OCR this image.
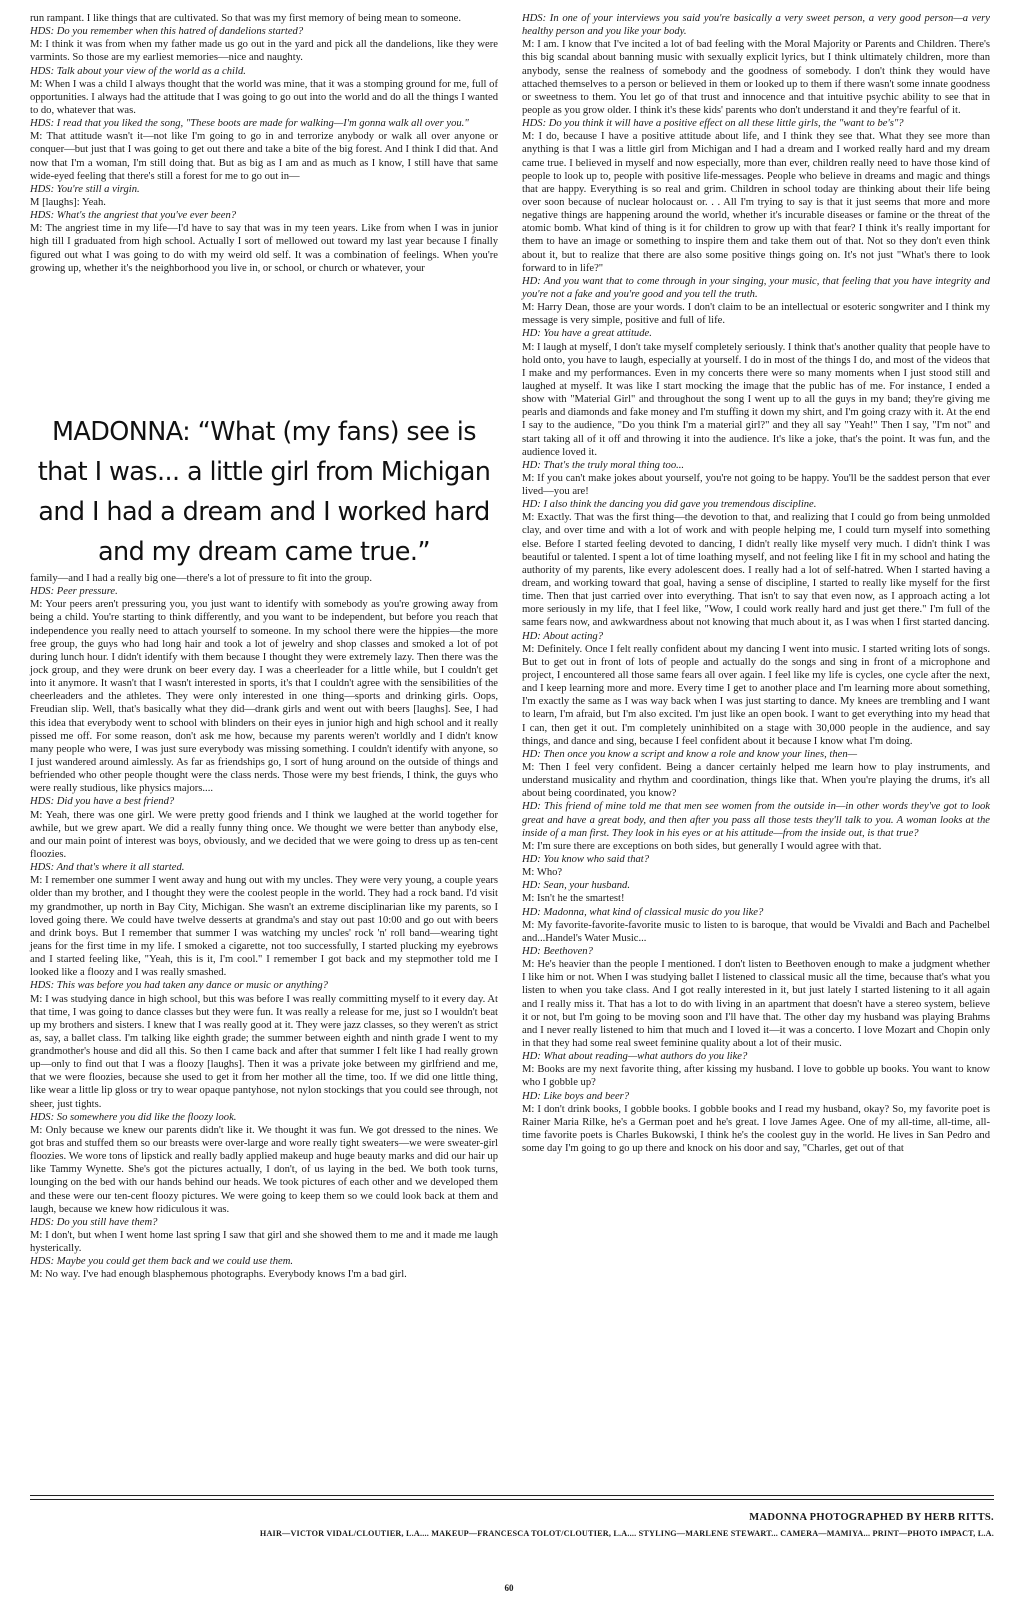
run rampant. I like things that are cultivated. So that was my first memory of being mean to someone.

HDS: Do you remember when this hatred of dandelions started?

M: I think it was from when my father made us go out in the yard and pick all the dandelions, like they were varmints. So those are my earliest memories—nice and naughty.

HDS: Talk about your view of the world as a child.

M: When I was a child I always thought that the world was mine, that it was a stomping ground for me, full of opportunities. I always had the attitude that I was going to go out into the world and do all the things I wanted to do, whatever that was.

HDS: I read that you liked the song, "These boots are made for walking—I'm gonna walk all over you."

M: That attitude wasn't it—not like I'm going to go in and terrorize anybody or walk all over anyone or conquer—but just that I was going to get out there and take a bite of the big forest. And I think I did that. And now that I'm a woman, I'm still doing that. But as big as I am and as much as I know, I still have that same wide-eyed feeling that there's still a forest for me to go out in—

HDS: You're still a virgin.

M [laughs]: Yeah.

HDS: What's the angriest that you've ever been?

M: The angriest time in my life—I'd have to say that was in my teen years. Like from when I was in junior high till I graduated from high school. Actually I sort of mellowed out toward my last year because I finally figured out what I was going to do with my weird old self. It was a combination of feelings. When you're growing up, whether it's the neighborhood you live in, or school, or church or whatever, your

MADONNA: “What (my fans) see is
that I was... a little girl from Michigan
and I had a dream and I worked hard
and my dream came true.”

family—and I had a really big one—there's a lot of pressure to fit into the group.

HDS: Peer pressure.

M: Your peers aren't pressuring you, you just want to identify with somebody as you're growing away from being a child. You're starting to think differently, and you want to be independent, but before you reach that independence you really need to attach yourself to someone. In my school there were the hippies—the more free group, the guys who had long hair and took a lot of jewelry and shop classes and smoked a lot of pot during lunch hour. I didn't identify with them because I thought they were extremely lazy. Then there was the jock group, and they were drunk on beer every day. I was a cheerleader for a little while, but I couldn't get into it anymore. It wasn't that I wasn't interested in sports, it's that I couldn't agree with the sensibilities of the cheerleaders and the athletes. They were only interested in one thing—sports and drinking girls. Oops, Freudian slip. Well, that's basically what they did—drank girls and went out with beers [laughs]. See, I had this idea that everybody went to school with blinders on their eyes in junior high and high school and it really pissed me off. For some reason, don't ask me how, because my parents weren't worldly and I didn't know many people who were, I was just sure everybody was missing something. I couldn't identify with anyone, so I just wandered around aimlessly. As far as friendships go, I sort of hung around on the outside of things and befriended who other people thought were the class nerds. Those were my best friends, I think, the guys who were really studious, like physics majors....

HDS: Did you have a best friend?

M: Yeah, there was one girl. We were pretty good friends and I think we laughed at the world together for awhile, but we grew apart. We did a really funny thing once. We thought we were better than anybody else, and our main point of interest was boys, obviously, and we decided that we were going to dress up as ten-cent floozies.

HDS: And that's where it all started.

M: I remember one summer I went away and hung out with my uncles. They were very young, a couple years older than my brother, and I thought they were the coolest people in the world. They had a rock band. I'd visit my grandmother, up north in Bay City, Michigan. She wasn't an extreme disciplinarian like my parents, so I loved going there. We could have twelve desserts at grandma's and stay out past 10:00 and go out with beers and drink boys. But I remember that summer I was watching my uncles' rock 'n' roll band—wearing tight jeans for the first time in my life. I smoked a cigarette, not too successfully, I started plucking my eyebrows and I started feeling like, "Yeah, this is it, I'm cool." I remember I got back and my stepmother told me I looked like a floozy and I was really smashed.

HDS: This was before you had taken any dance or music or anything?

M: I was studying dance in high school, but this was before I was really committing myself to it every day. At that time, I was going to dance classes but they were fun. It was really a release for me, just so I wouldn't beat up my brothers and sisters. I knew that I was really good at it. They were jazz classes, so they weren't as strict as, say, a ballet class. I'm talking like eighth grade; the summer between eighth and ninth grade I went to my grandmother's house and did all this. So then I came back and after that summer I felt like I had really grown up—only to find out that I was a floozy [laughs]. Then it was a private joke between my girlfriend and me, that we were floozies, because she used to get it from her mother all the time, too. If we did one little thing, like wear a little lip gloss or try to wear opaque pantyhose, not nylon stockings that you could see through, not sheer, just tights.

HDS: So somewhere you did like the floozy look.

M: Only because we knew our parents didn't like it. We thought it was fun. We got dressed to the nines. We got bras and stuffed them so our breasts were over-large and wore really tight sweaters—we were sweater-girl floozies. We wore tons of lipstick and really badly applied makeup and huge beauty marks and did our hair up like Tammy Wynette. She's got the pictures actually, I don't, of us laying in the bed. We both took turns, lounging on the bed with our hands behind our heads. We took pictures of each other and we developed them and these were our ten-cent floozy pictures. We were going to keep them so we could look back at them and laugh, because we knew how ridiculous it was.

HDS: Do you still have them?

M: I don't, but when I went home last spring I saw that girl and she showed them to me and it made me laugh hysterically.

HDS: Maybe you could get them back and we could use them.

M: No way. I've had enough blasphemous photographs. Everybody knows I'm a bad girl.

HDS: In one of your interviews you said you're basically a very sweet person, a very good person—a very healthy person and you like your body.

M: I am. I know that I've incited a lot of bad feeling with the Moral Majority or Parents and Children. There's this big scandal about banning music with sexually explicit lyrics, but I think ultimately children, more than anybody, sense the realness of somebody and the goodness of somebody. I don't think they would have attached themselves to a person or believed in them or looked up to them if there wasn't some innate goodness or sweetness to them. You let go of that trust and innocence and that intuitive psychic ability to see that in people as you grow older. I think it's these kids' parents who don't understand it and they're fearful of it.

HDS: Do you think it will have a positive effect on all these little girls, the "want to be's"?

M: I do, because I have a positive attitude about life, and I think they see that. What they see more than anything is that I was a little girl from Michigan and I had a dream and I worked really hard and my dream came true. I believed in myself and now especially, more than ever, children really need to have those kind of people to look up to, people with positive life-messages. People who believe in dreams and magic and things that are happy. Everything is so real and grim. Children in school today are thinking about their life being over soon because of nuclear holocaust or. . . All I'm trying to say is that it just seems that more and more negative things are happening around the world, whether it's incurable diseases or famine or the threat of the atomic bomb. What kind of thing is it for children to grow up with that fear? I think it's really important for them to have an image or something to inspire them and take them out of that. Not so they don't even think about it, but to realize that there are also some positive things going on. It's not just "What's there to look forward to in life?"

HD: And you want that to come through in your singing, your music, that feeling that you have integrity and you're not a fake and you're good and you tell the truth.

M: Harry Dean, those are your words. I don't claim to be an intellectual or esoteric songwriter and I think my message is very simple, positive and full of life.

HD: You have a great attitude.

M: I laugh at myself, I don't take myself completely seriously. I think that's another quality that people have to hold onto, you have to laugh, especially at yourself. I do in most of the things I do, and most of the videos that I make and my performances. Even in my concerts there were so many moments when I just stood still and laughed at myself. It was like I start mocking the image that the public has of me. For instance, I ended a show with "Material Girl" and throughout the song I went up to all the guys in my band; they're giving me pearls and diamonds and fake money and I'm stuffing it down my shirt, and I'm going crazy with it. At the end I say to the audience, "Do you think I'm a material girl?" and they all say "Yeah!" Then I say, "I'm not" and start taking all of it off and throwing it into the audience. It's like a joke, that's the point. It was fun, and the audience loved it.

HD: That's the truly moral thing too...

M: If you can't make jokes about yourself, you're not going to be happy. You'll be the saddest person that ever lived—you are!

HD: I also think the dancing you did gave you tremendous discipline.

M: Exactly. That was the first thing—the devotion to that, and realizing that I could go from being unmolded clay, and over time and with a lot of work and with people helping me, I could turn myself into something else. Before I started feeling devoted to dancing, I didn't really like myself very much. I didn't think I was beautiful or talented. I spent a lot of time loathing myself, and not feeling like I fit in my school and hating the authority of my parents, like every adolescent does. I really had a lot of self-hatred. When I started having a dream, and working toward that goal, having a sense of discipline, I started to really like myself for the first time. Then that just carried over into everything. That isn't to say that even now, as I approach acting a lot more seriously in my life, that I feel like, "Wow, I could work really hard and just get there." I'm full of the same fears now, and awkwardness about not knowing that much about it, as I was when I first started dancing.

HD: About acting?

M: Definitely. Once I felt really confident about my dancing I went into music. I started writing lots of songs. But to get out in front of lots of people and actually do the songs and sing in front of a microphone and project, I encountered all those same fears all over again. I feel like my life is cycles, one cycle after the next, and I keep learning more and more. Every time I get to another place and I'm learning more about something, I'm exactly the same as I was way back when I was just starting to dance. My knees are trembling and I want to learn, I'm afraid, but I'm also excited. I'm just like an open book. I want to get everything into my head that I can, then get it out. I'm completely uninhibited on a stage with 30,000 people in the audience, and say things, and dance and sing, because I feel confident about it because I know what I'm doing.

HD: Then once you know a script and know a role and know your lines, then—

M: Then I feel very confident. Being a dancer certainly helped me learn how to play instruments, and understand musicality and rhythm and coordination, things like that. When you're playing the drums, it's all about being coordinated, you know?

HD: This friend of mine told me that men see women from the outside in—in other words they've got to look great and have a great body, and then after you pass all those tests they'll talk to you. A woman looks at the inside of a man first. They look in his eyes or at his attitude—from the inside out, is that true?

M: I'm sure there are exceptions on both sides, but generally I would agree with that.

HD: You know who said that?

M: Who?

HD: Sean, your husband.

M: Isn't he the smartest!

HD: Madonna, what kind of classical music do you like?

M: My favorite-favorite-favorite music to listen to is baroque, that would be Vivaldi and Bach and Pachelbel and...Handel's Water Music...

HD: Beethoven?

M: He's heavier than the people I mentioned. I don't listen to Beethoven enough to make a judgment whether I like him or not. When I was studying ballet I listened to classical music all the time, because that's what you listen to when you take class. And I got really interested in it, but just lately I started listening to it all again and I really miss it. That has a lot to do with living in an apartment that doesn't have a stereo system, believe it or not, but I'm going to be moving soon and I'll have that. The other day my husband was playing Brahms and I never really listened to him that much and I loved it—it was a concerto. I love Mozart and Chopin only in that they had some real sweet feminine quality about a lot of their music.

HD: What about reading—what authors do you like?

M: Books are my next favorite thing, after kissing my husband. I love to gobble up books. You want to know who I gobble up?

HD: Like boys and beer?

M: I don't drink books, I gobble books. I gobble books and I read my husband, okay? So, my favorite poet is Rainer Maria Rilke, he's a German poet and he's great. I love James Agee. One of my all-time, all-time, all-time favorite poets is Charles Bukowski, I think he's the coolest guy in the world. He lives in San Pedro and some day I'm going to go up there and knock on his door and say, "Charles, get out of that

MADONNA PHOTOGRAPHED BY HERB RITTS.
HAIR—VICTOR VIDAL/CLOUTIER, L.A.... MAKEUP—FRANCESCA TOLOT/CLOUTIER, L.A.... STYLING—MARLENE STEWART... CAMERA—MAMIYA... PRINT—PHOTO IMPACT, L.A.
60
